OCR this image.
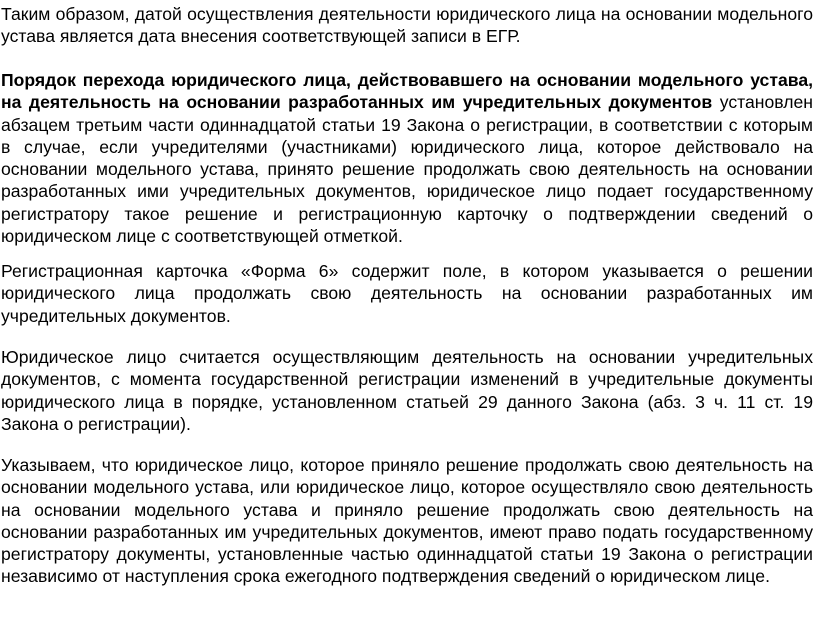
Таким образом, датой осуществления деятельности юридического лица на основании модельного устава является дата внесения соответствующей записи в ЕГР.

Порядок перехода юридического лица, действовавшего на основании модельного устава, на деятельность на основании разработанных им учредительных документов установлен абзацем третьим части одиннадцатой статьи 19 Закона о регистрации, в соответствии с которым в случае, если учредителями (участниками) юридического лица, которое действовало на основании модельного устава, принято решение продолжать свою деятельность на основании разработанных ими учредительных документов, юридическое лицо подает государственному регистратору такое решение и регистрационную карточку о подтверждении сведений о юридическом лице с соответствующей отметкой.

Регистрационная карточка «Форма 6» содержит поле, в котором указывается о решении юридического лица продолжать свою деятельность на основании разработанных им учредительных документов.

Юридическое лицо считается осуществляющим деятельность на основании учредительных документов, с момента государственной регистрации изменений в учредительные документы юридического лица в порядке, установленном статьей 29 данного Закона (абз. 3 ч. 11 ст. 19 Закона о регистрации).

Указываем, что юридическое лицо, которое приняло решение продолжать свою деятельность на основании модельного устава, или юридическое лицо, которое осуществляло свою деятельность на основании модельного устава и приняло решение продолжать свою деятельность на основании разработанных им учредительных документов, имеют право подать государственному регистратору документы, установленные частью одиннадцатой статьи 19 Закона о регистрации независимо от наступления срока ежегодного подтверждения сведений о юридическом лице.
